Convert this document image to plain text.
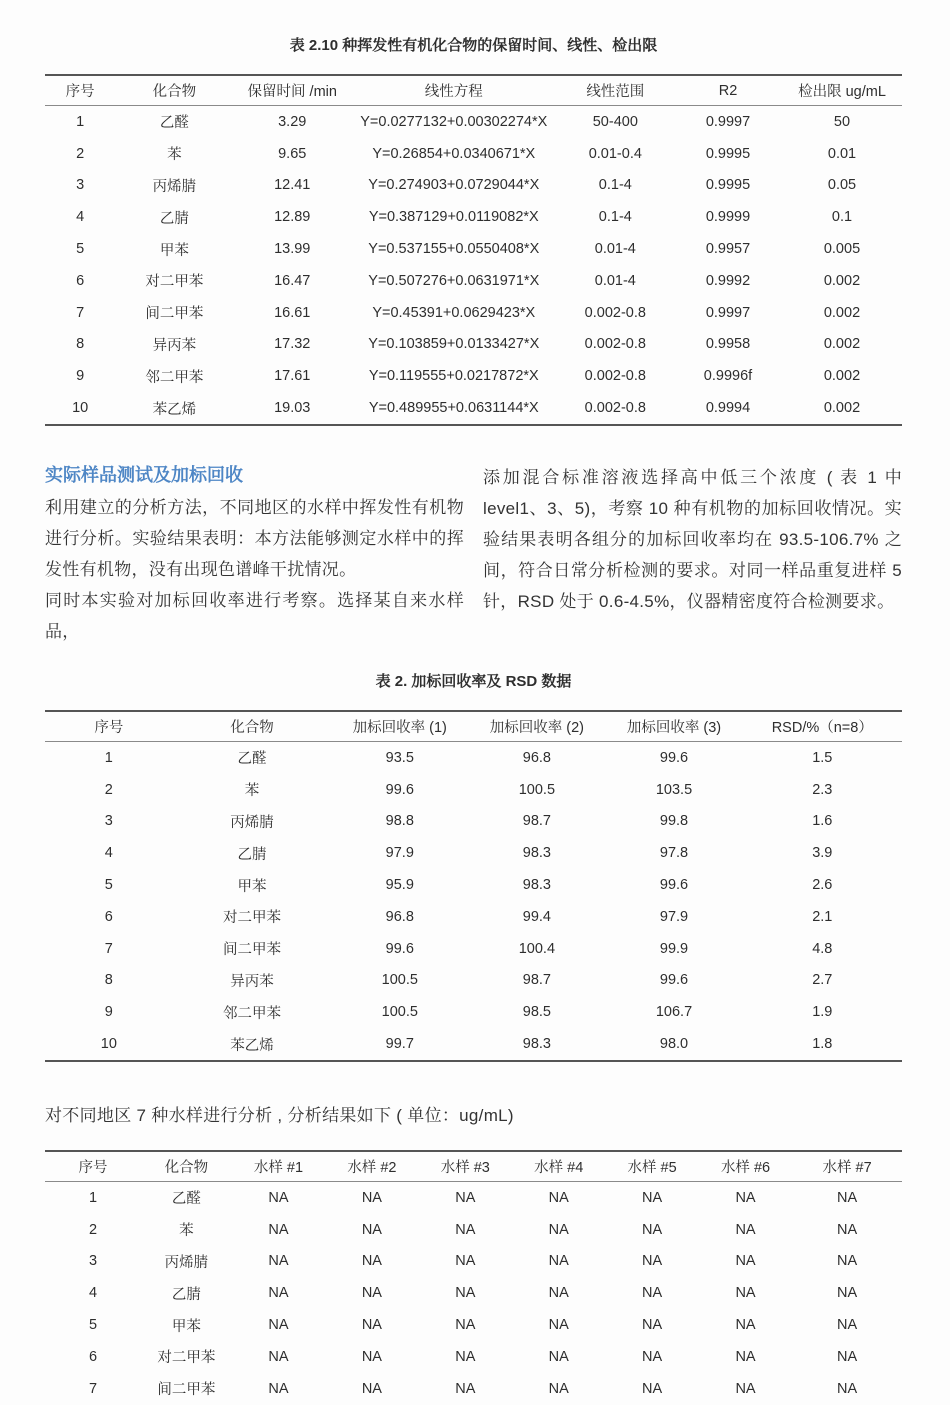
表 2.10 种挥发性有机化合物的保留时间、线性、检出限
序号	化合物	保留时间 /min	线性方程	线性范围	R2	检出限 ug/mL
1	乙醛	3.29	Y=0.0277132+0.00302274*X	50-400	0.9997	50
2	苯	9.65	Y=0.26854+0.0340671*X	0.01-0.4	0.9995	0.01
3	丙烯腈	12.41	Y=0.274903+0.0729044*X	0.1-4	0.9995	0.05
4	乙腈	12.89	Y=0.387129+0.0119082*X	0.1-4	0.9999	0.1
5	甲苯	13.99	Y=0.537155+0.0550408*X	0.01-4	0.9957	0.005
6	对二甲苯	16.47	Y=0.507276+0.0631971*X	0.01-4	0.9992	0.002
7	间二甲苯	16.61	Y=0.45391+0.0629423*X	0.002-0.8	0.9997	0.002
8	异丙苯	17.32	Y=0.103859+0.0133427*X	0.002-0.8	0.9958	0.002
9	邻二甲苯	17.61	Y=0.119555+0.0217872*X	0.002-0.8	0.9996f	0.002
10	苯乙烯	19.03	Y=0.489955+0.0631144*X	0.002-0.8	0.9994	0.002
实际样品测试及加标回收

利用建立的分析方法，不同地区的水样中挥发性有机物进行分析。实验结果表明：本方法能够测定水样中的挥发性有机物，没有出现色谱峰干扰情况。

同时本实验对加标回收率进行考察。选择某自来水样品，

添加混合标准溶液选择高中低三个浓度 ( 表 1 中 level1、3、5)，考察 10 种有机物的加标回收情况。实验结果表明各组分的加标回收率均在 93.5-106.7% 之间，符合日常分析检测的要求。对同一样品重复进样 5 针，RSD 处于 0.6-4.5%，仪器精密度符合检测要求。

表 2. 加标回收率及 RSD 数据
序号	化合物	加标回收率 (1)	加标回收率 (2)	加标回收率 (3)	RSD/%（n=8）
1	乙醛	93.5	96.8	99.6	1.5
2	苯	99.6	100.5	103.5	2.3
3	丙烯腈	98.8	98.7	99.8	1.6
4	乙腈	97.9	98.3	97.8	3.9
5	甲苯	95.9	98.3	99.6	2.6
6	对二甲苯	96.8	99.4	97.9	2.1
7	间二甲苯	99.6	100.4	99.9	4.8
8	异丙苯	100.5	98.7	99.6	2.7
9	邻二甲苯	100.5	98.5	106.7	1.9
10	苯乙烯	99.7	98.3	98.0	1.8

对不同地区 7 种水样进行分析 , 分析结果如下 ( 单位：ug/mL)

序号	化合物	水样 #1	水样 #2	水样 #3	水样 #4	水样 #5	水样 #6	水样 #7
1	乙醛	NA	NA	NA	NA	NA	NA	NA
2	苯	NA	NA	NA	NA	NA	NA	NA
3	丙烯腈	NA	NA	NA	NA	NA	NA	NA
4	乙腈	NA	NA	NA	NA	NA	NA	NA
5	甲苯	NA	NA	NA	NA	NA	NA	NA
6	对二甲苯	NA	NA	NA	NA	NA	NA	NA
7	间二甲苯	NA	NA	NA	NA	NA	NA	NA
